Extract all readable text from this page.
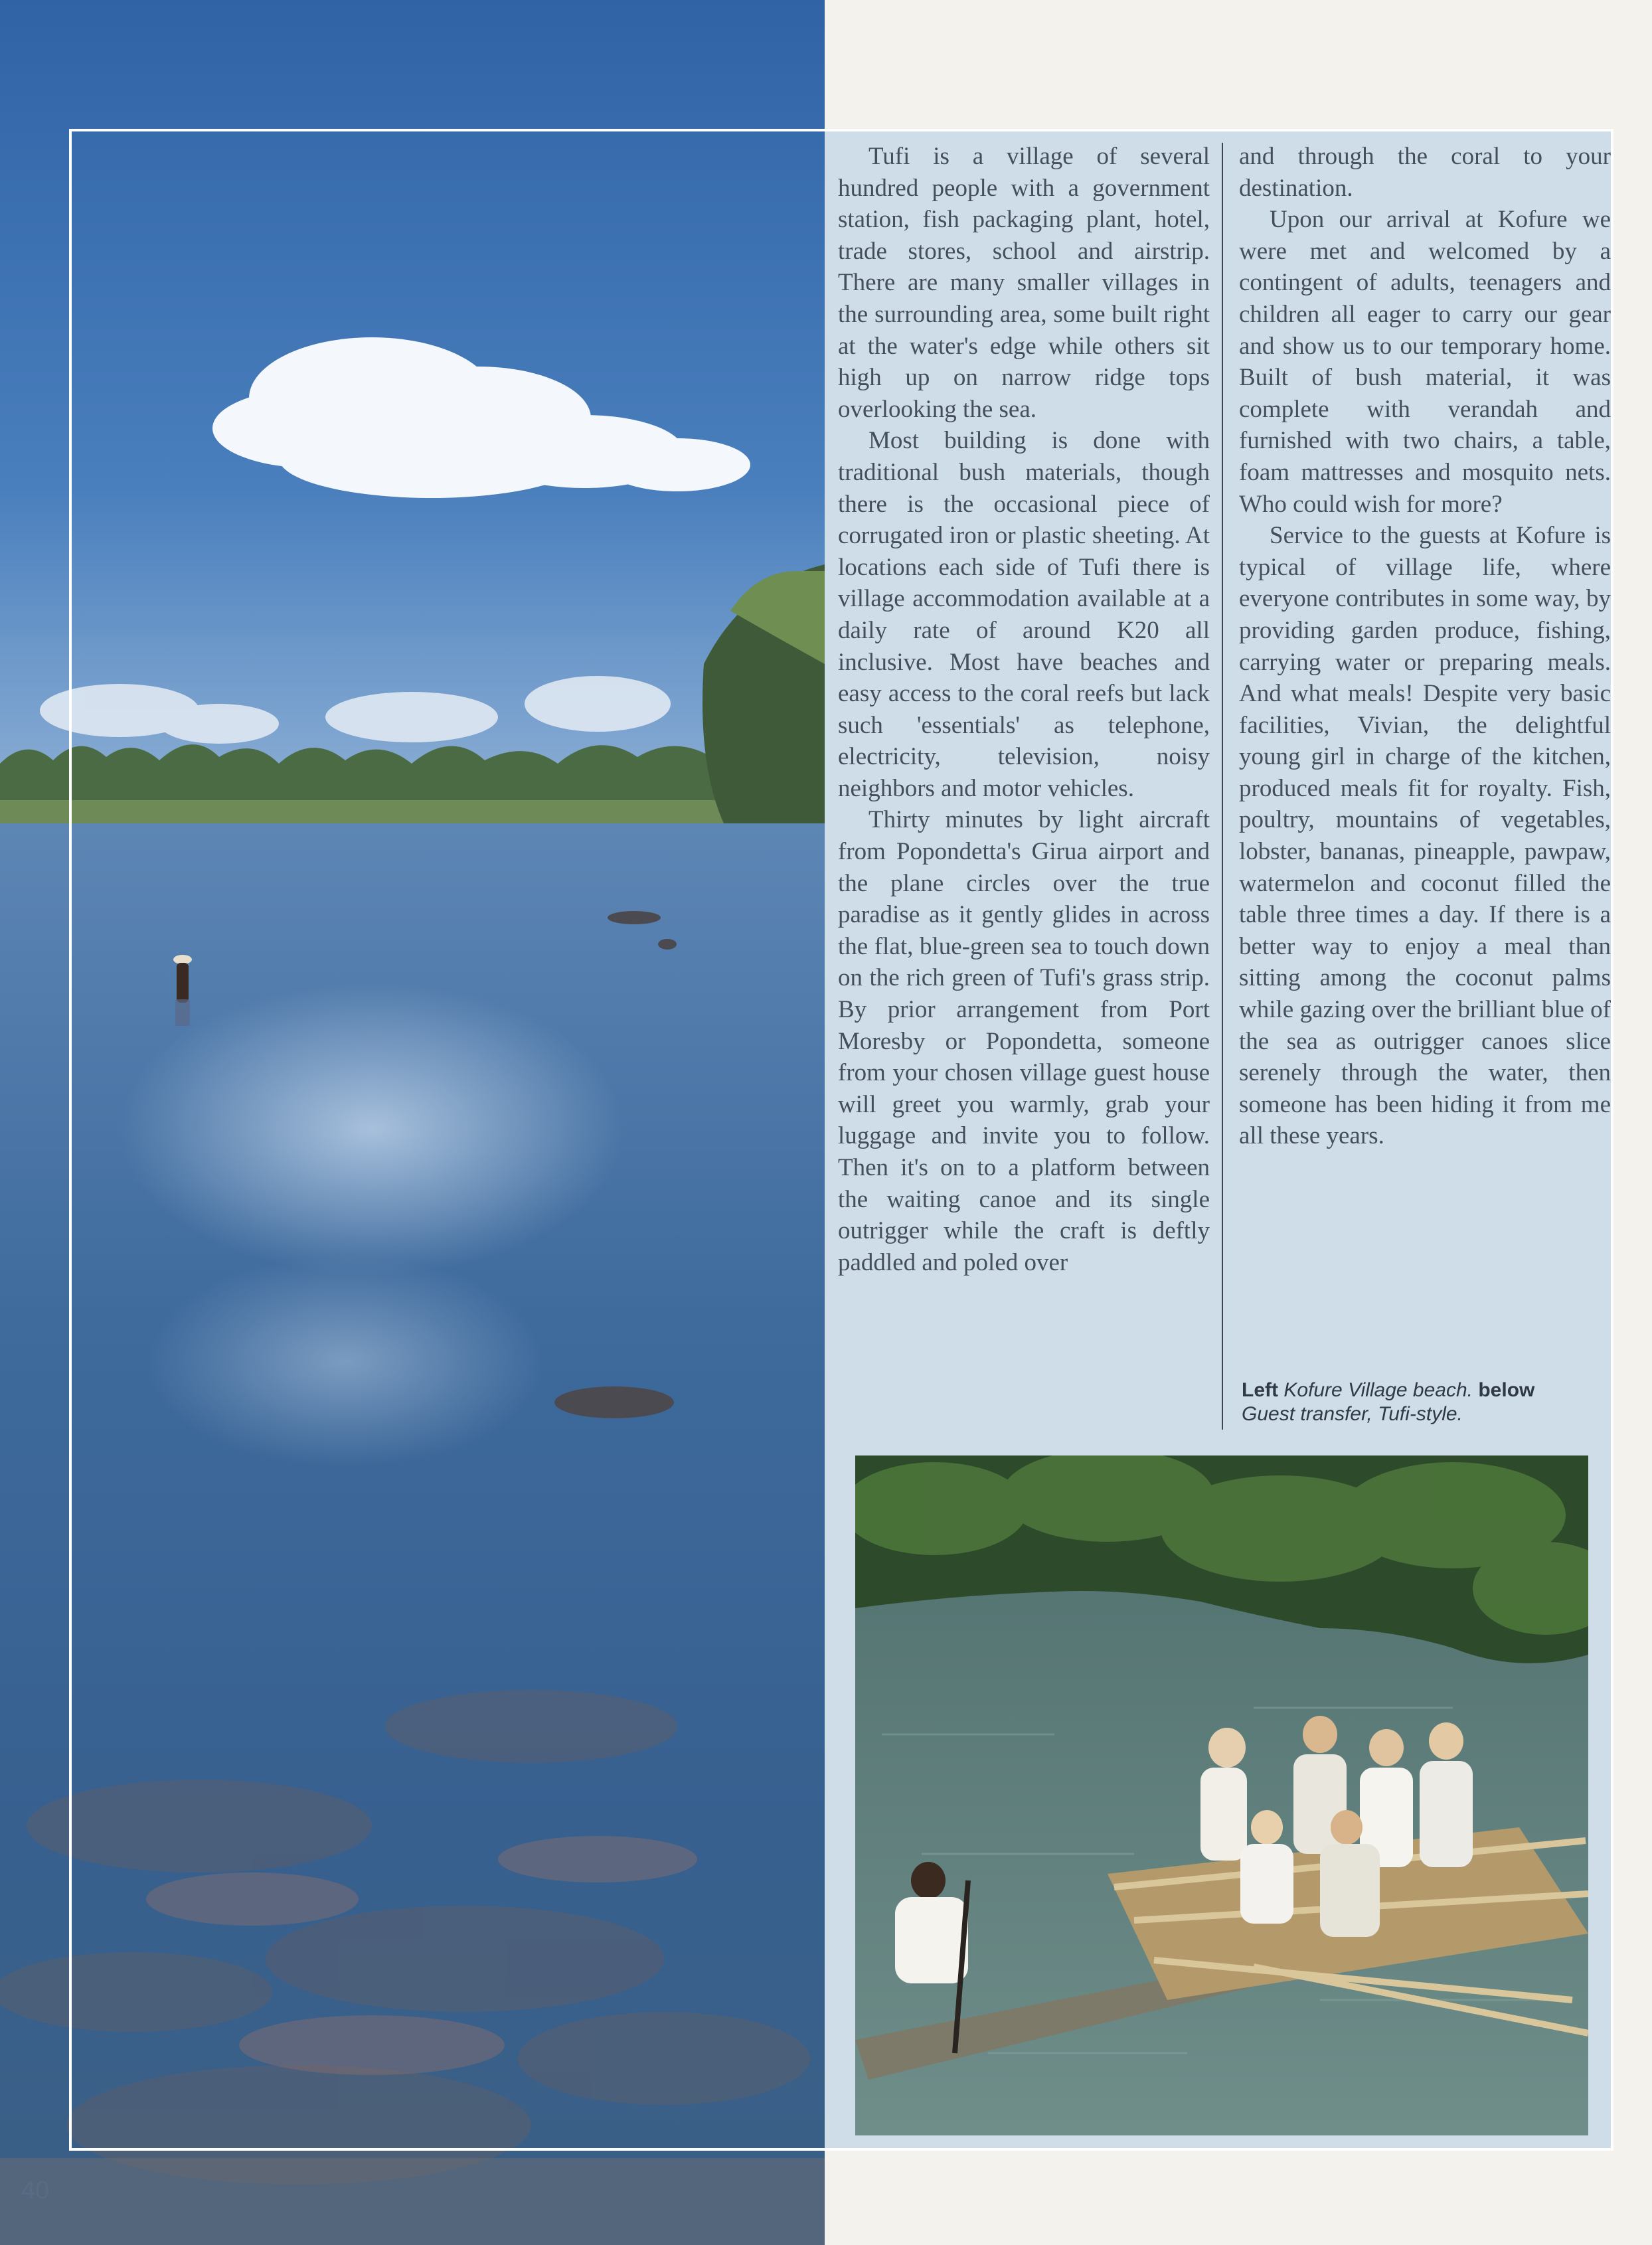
Tufi is a village of several hundred people with a government station, fish packaging plant, hotel, trade stores, school and airstrip. There are many smaller villages in the surrounding area, some built right at the water's edge while others sit high up on narrow ridge tops overlooking the sea.

Most building is done with traditional bush materials, though there is the occasional piece of corrugated iron or plastic sheeting. At locations each side of Tufi there is village accommodation available at a daily rate of around K20 all inclusive. Most have beaches and easy access to the coral reefs but lack such 'essentials' as telephone, electricity, television, noisy neighbors and motor vehicles.

Thirty minutes by light aircraft from Popondetta's Girua airport and the plane circles over the true paradise as it gently glides in across the flat, blue-green sea to touch down on the rich green of Tufi's grass strip. By prior arrangement from Port Moresby or Popondetta, someone from your chosen village guest house will greet you warmly, grab your luggage and invite you to follow. Then it's on to a platform between the waiting canoe and its single outrigger while the craft is deftly paddled and poled over

and through the coral to your destination.

Upon our arrival at Kofure we were met and welcomed by a contingent of adults, teenagers and children all eager to carry our gear and show us to our temporary home. Built of bush material, it was complete with verandah and furnished with two chairs, a table, foam mattresses and mosquito nets. Who could wish for more?

Service to the guests at Kofure is typical of village life, where everyone contributes in some way, by providing garden produce, fishing, carrying water or preparing meals. And what meals! Despite very basic facilities, Vivian, the delightful young girl in charge of the kitchen, produced meals fit for royalty. Fish, poultry, mountains of vegetables, lobster, bananas, pineapple, pawpaw, watermelon and coconut filled the table three times a day. If there is a better way to enjoy a meal than sitting among the coconut palms while gazing over the brilliant blue of the sea as outrigger canoes slice serenely through the water, then someone has been hiding it from me all these years.

Left Kofure Village beach. below
Guest transfer, Tufi-style.
40
